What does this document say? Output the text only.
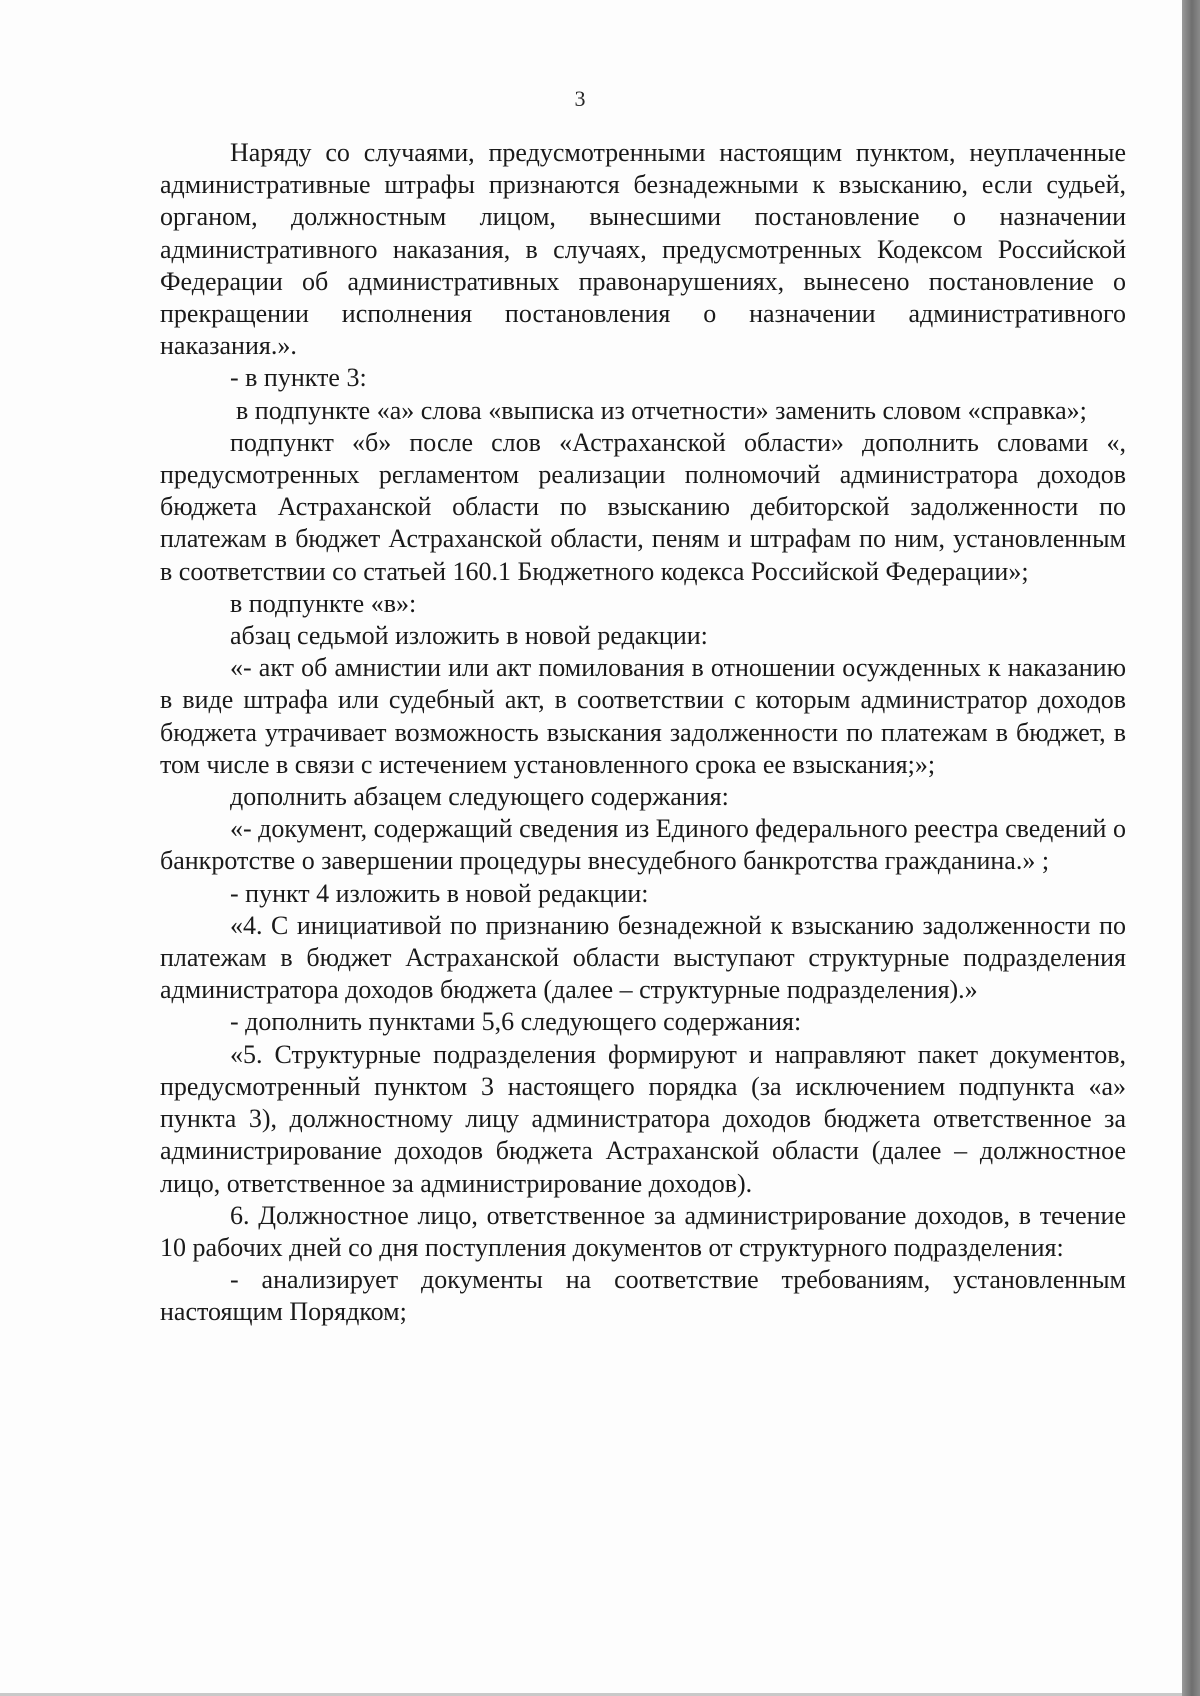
3

Наряду со случаями, предусмотренными настоящим пунктом, неуплаченные административные штрафы признаются безнадежными к взысканию, если судьей, органом, должностным лицом, вынесшими постановление о назначении административного наказания, в случаях, предусмотренных Кодексом Российской Федерации об административных правонарушениях, вынесено постановление о прекращении исполнения постановления о назначении административного наказания.».

- в пункте 3:

в подпункте «а» слова «выписка из отчетности» заменить словом «справка»;

подпункт «б» после слов «Астраханской области» дополнить словами «, предусмотренных регламентом реализации полномочий администратора доходов бюджета Астраханской области по взысканию дебиторской задолженности по платежам в бюджет Астраханской области, пеням и штрафам по ним, установленным в соответствии со статьей 160.1 Бюджетного кодекса Российской Федерации»;

в подпункте «в»:

абзац седьмой изложить в новой редакции:

«- акт об амнистии или акт помилования в отношении осужденных к наказанию в виде штрафа или судебный акт, в соответствии с которым администратор доходов бюджета утрачивает возможность взыскания задолженности по платежам в бюджет, в том числе в связи с истечением установленного срока ее взыскания;»;

дополнить абзацем следующего содержания:

«- документ, содержащий сведения из Единого федерального реестра сведений о банкротстве о завершении процедуры внесудебного банкротства гражданина.» ;

- пункт 4 изложить в новой редакции:

«4. С инициативой по признанию безнадежной к взысканию задолженности по платежам в бюджет Астраханской области выступают структурные подразделения администратора доходов бюджета (далее – структурные подразделения).»

- дополнить пунктами 5,6 следующего содержания:

«5. Структурные подразделения формируют и направляют пакет документов, предусмотренный пунктом 3 настоящего порядка (за исключением подпункта «а» пункта 3), должностному лицу администратора доходов бюджета ответственное за администрирование доходов бюджета Астраханской области (далее – должностное лицо, ответственное за администрирование доходов).

6. Должностное лицо, ответственное за администрирование доходов, в течение 10 рабочих дней со дня поступления документов от структурного подразделения:

- анализирует документы на соответствие требованиям, установленным настоящим Порядком;
